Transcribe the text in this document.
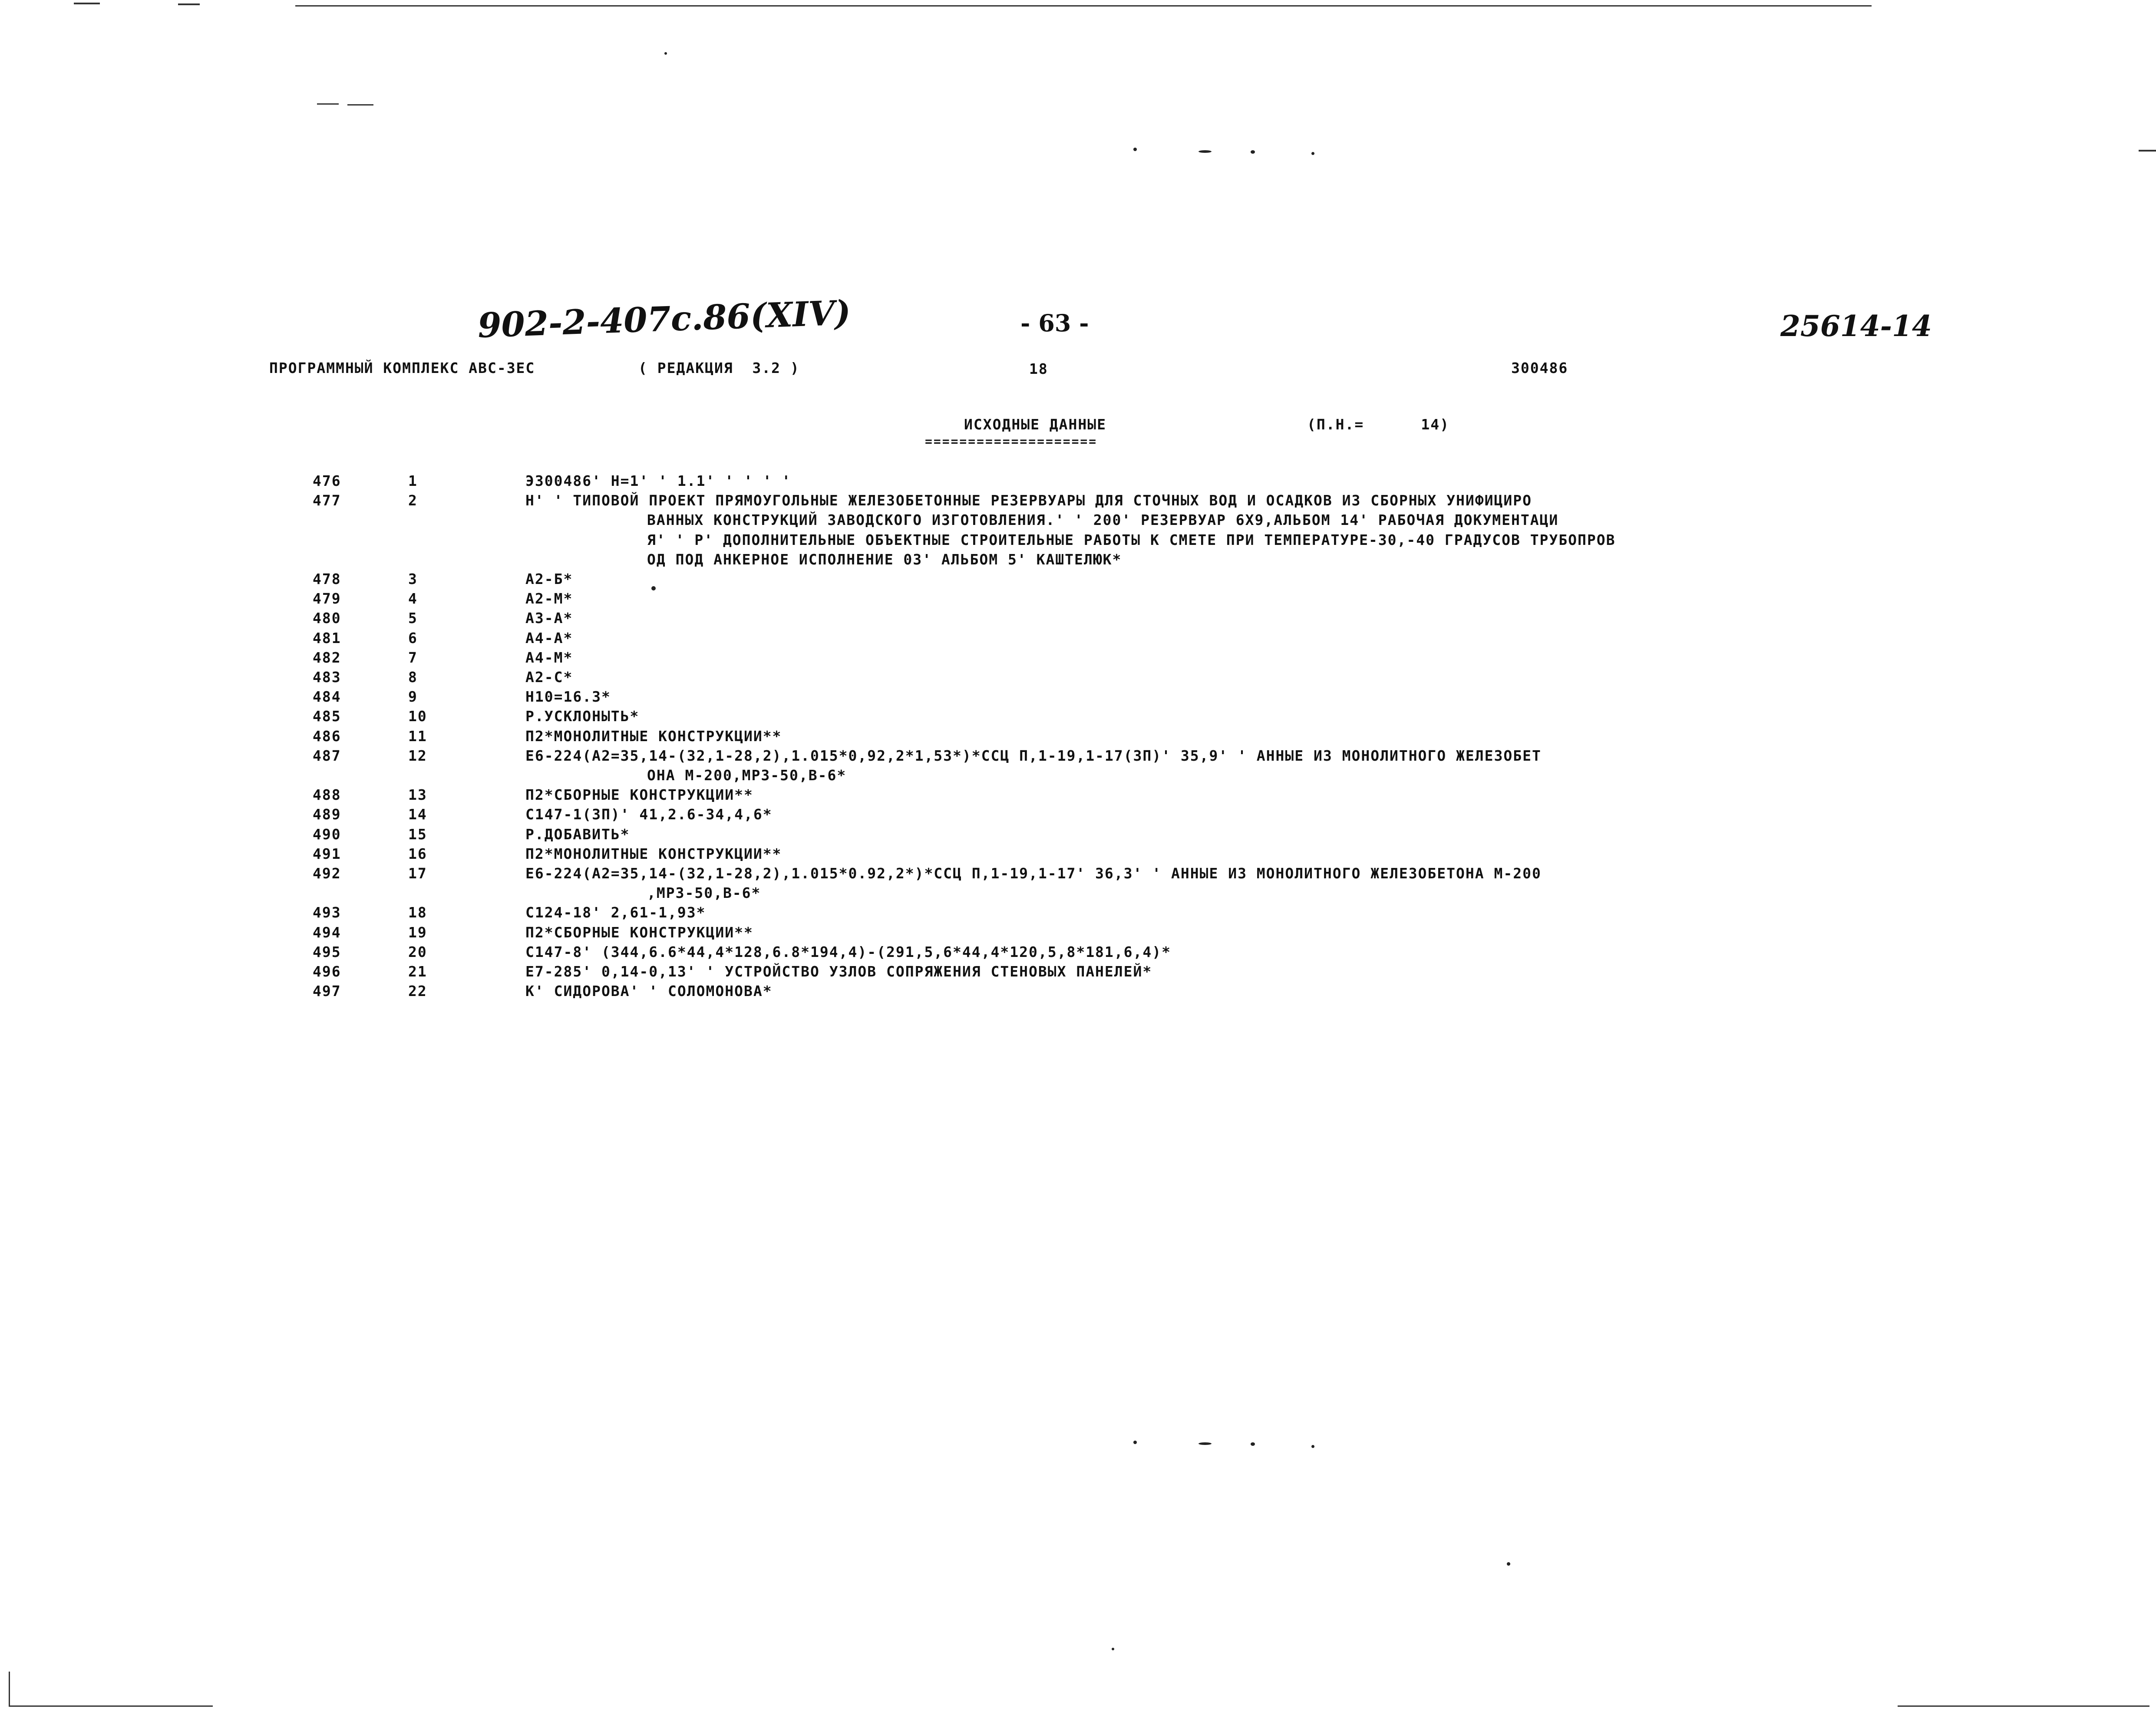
902-2-407c.86(XIV)	- 63 -	25614-14
ПРОГРАММНЫЙ КОМПЛЕКС АВС-ЗЕС	( РЕДАКЦИЯ  3.2 )	18	300486
ИСХОДНЫЕ ДАННЫЕ
====================
(П.Н.=      14)
476	1	Э300486' Н=1' ' 1.1' ' ' ' '
477	2	Н' ' ТИПОВОЙ ПРОЕКТ ПРЯМОУГОЛЬНЫЕ ЖЕЛЕЗОБЕТОННЫЕ РЕЗЕРВУАРЫ ДЛЯ СТОЧНЫХ ВОД И ОСАДКОВ ИЗ СБОРНЫХ УНИФИЦИРО
ВАННЫХ КОНСТРУКЦИЙ ЗАВОДСКОГО ИЗГОТОВЛЕНИЯ.' ' 200' РЕЗЕРВУАР 6Х9,АЛЬБОМ 14' РАБОЧАЯ ДОКУМЕНТАЦИ
Я' ' Р' ДОПОЛНИТЕЛЬНЫЕ ОБЪЕКТНЫЕ СТРОИТЕЛЬНЫЕ РАБОТЫ К СМЕТЕ ПРИ ТЕМПЕРАТУРЕ-30,-40 ГРАДУСОВ ТРУБОПРОВ
ОД ПОД АНКЕРНОЕ ИСПОЛНЕНИЕ 03' АЛЬБОМ 5' КАШТЕЛЮК*
478	3	А2-Б*
479	4	А2-М*
480	5	А3-А*
481	6	А4-А*
482	7	А4-М*
483	8	А2-С*
484	9	Н10=16.3*
485	10	Р.УСКЛОНЫТЬ*
486	11	П2*МОНОЛИТНЫЕ КОНСТРУКЦИИ**
487	12	Е6-224(А2=35,14-(32,1-28,2),1.015*0,92,2*1,53*)*ССЦ П,1-19,1-17(ЗП)' 35,9' ' АННЫЕ ИЗ МОНОЛИТНОГО ЖЕЛЕЗОБЕТ
ОНА М-200,МРЗ-50,В-6*
488	13	П2*СБОРНЫЕ КОНСТРУКЦИИ**
489	14	С147-1(ЗП)' 41,2.6-34,4,6*
490	15	Р.ДОБАВИТЬ*
491	16	П2*МОНОЛИТНЫЕ КОНСТРУКЦИИ**
492	17	Е6-224(А2=35,14-(32,1-28,2),1.015*0.92,2*)*ССЦ П,1-19,1-17' 36,3' ' АННЫЕ ИЗ МОНОЛИТНОГО ЖЕЛЕЗОБЕТОНА М-200
,МРЗ-50,В-6*
493	18	С124-18' 2,61-1,93*
494	19	П2*СБОРНЫЕ КОНСТРУКЦИИ**
495	20	С147-8' (344,6.6*44,4*128,6.8*194,4)-(291,5,6*44,4*120,5,8*181,6,4)*
496	21	Е7-285' 0,14-0,13' ' УСТРОЙСТВО УЗЛОВ СОПРЯЖЕНИЯ СТЕНОВЫХ ПАНЕЛЕЙ*
497	22	К' СИДОРОВА' ' СОЛОМОНОВА*
